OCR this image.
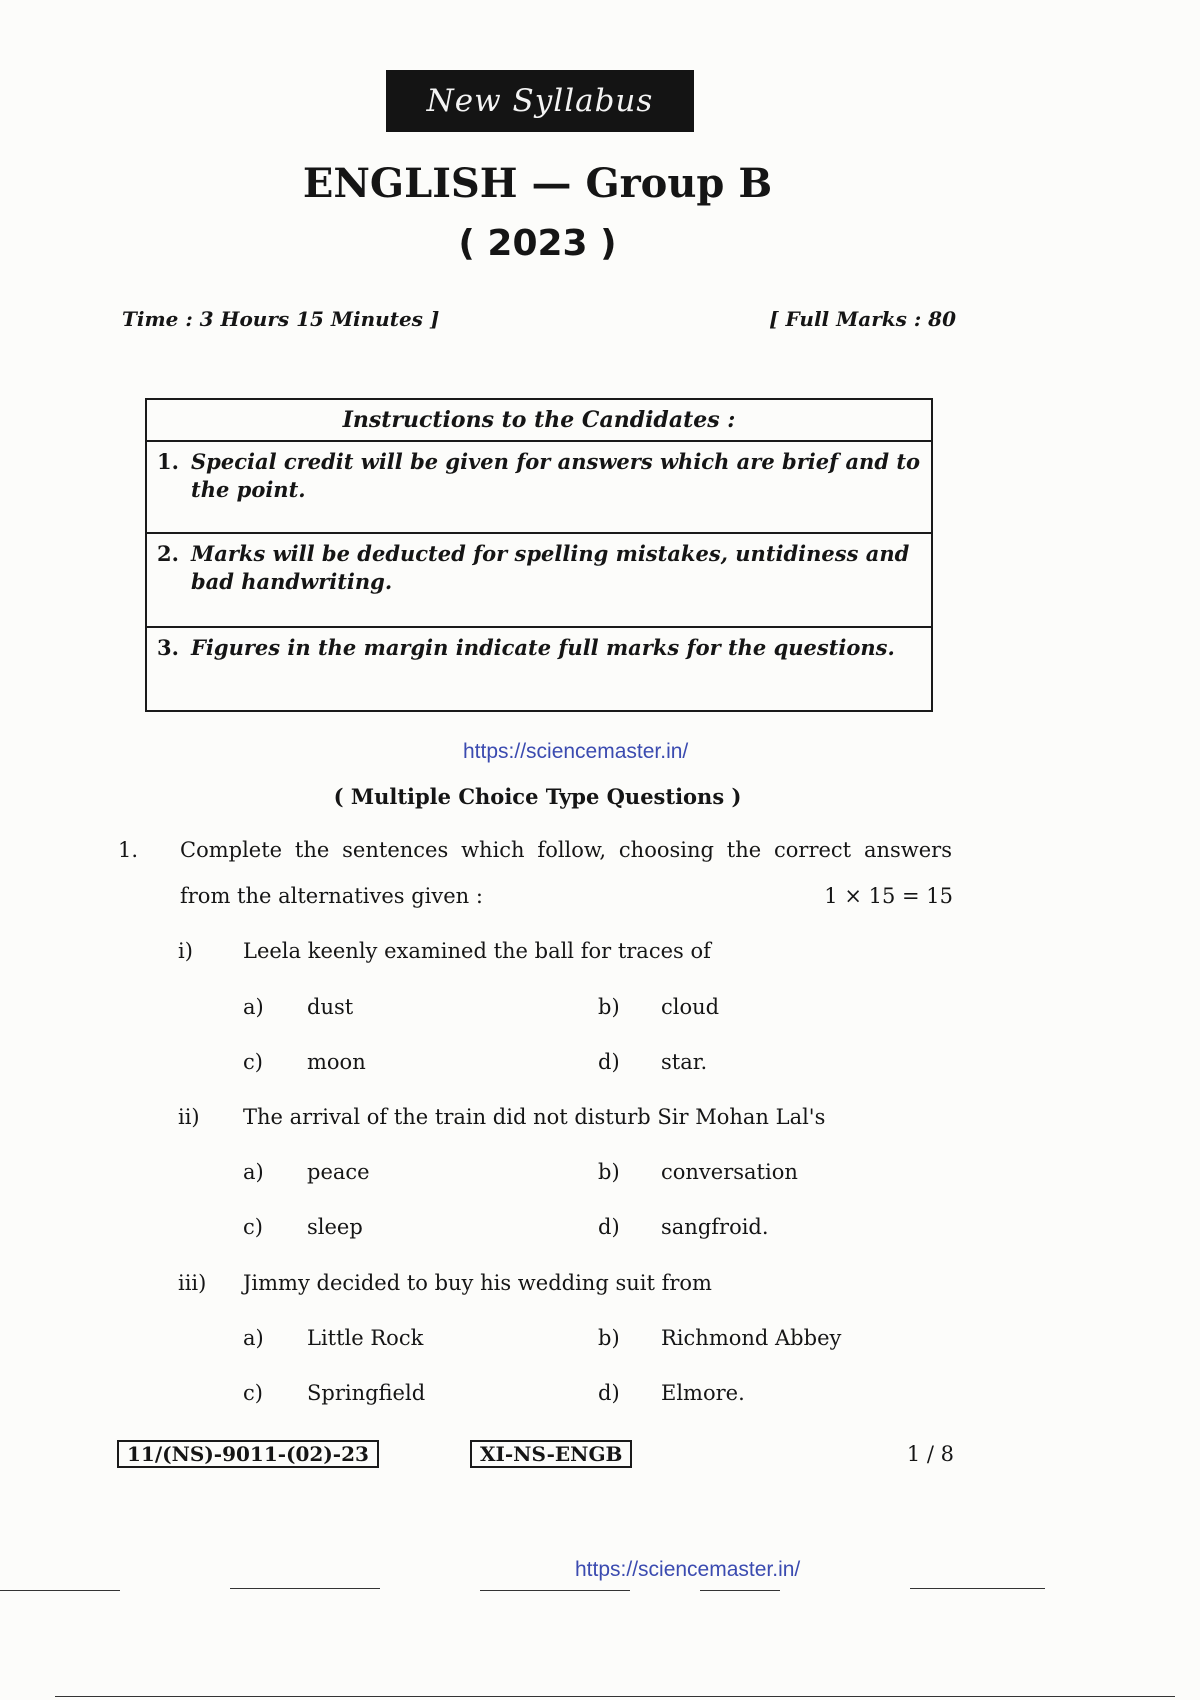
New Syllabus
ENGLISH — Group B
( 2023 )
Time : 3 Hours 15 Minutes ]	[ Full Marks : 80
Instructions to the Candidates :
1. Special credit will be given for answers which are brief and to the point.
2. Marks will be deducted for spelling mistakes, untidiness and bad handwriting.
3. Figures in the margin indicate full marks for the questions.
https://sciencemaster.in/
( Multiple Choice Type Questions )
1. Complete the sentences which follow, choosing the correct answers
from the alternatives given :	1 × 15 = 15
i) Leela keenly examined the ball for traces of
a) dust	b) cloud
c) moon	d) star.
ii) The arrival of the train did not disturb Sir Mohan Lal's
a) peace	b) conversation
c) sleep	d) sangfroid.
iii) Jimmy decided to buy his wedding suit from
a) Little Rock	b) Richmond Abbey
c) Springfield	d) Elmore.
11/(NS)-9011-(02)-23	XI-NS-ENGB	1 / 8
https://sciencemaster.in/
